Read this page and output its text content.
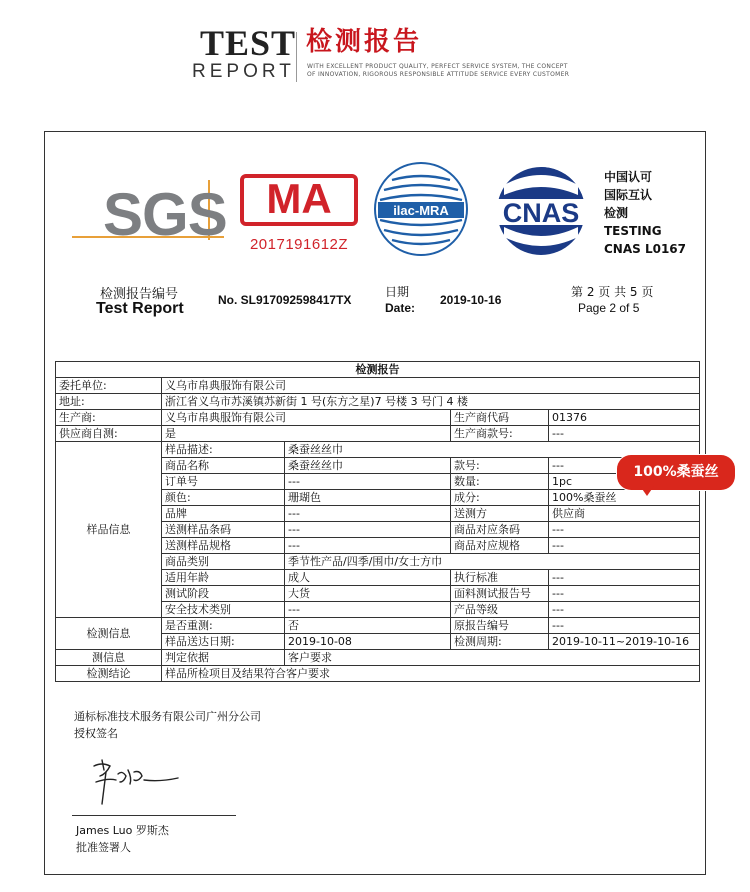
TEST
REPORT
检测报告
WITH EXCELLENT PRODUCT QUALITY, PERFECT SERVICE SYSTEM, THE CONCEPT
OF INNOVATION, RIGOROUS RESPONSIBLE ATTITUDE SERVICE EVERY CUSTOMER
SGS MA
2017191612Z
ilac-MRA CNAS
中国认可
国际互认
检测
TESTING
CNAS L0167
检测报告编号
Test Report	No. SL917092598417TX
日期
Date:
2019-10-16
第 2 页 共 5 页
Page 2 of 5
检测报告				
委托单位:	义乌市帛典服饰有限公司			
地址:	浙江省义乌市苏溪镇苏新街 1 号(东方之星)7 号楼 3 号门 4 楼			
生产商:	义乌市帛典服饰有限公司		生产商代码	01376
供应商自测:	是		生产商款号:	---
样品信息	样品描述:	桑蚕丝丝巾		
	商品名称	桑蚕丝丝巾	款号:	---
	订单号	---	数量:	1pc
	颜色:	珊瑚色	成分:	100%桑蚕丝
	品牌	---	送测方	供应商
	送测样品条码	---	商品对应条码	---
	送测样品规格	---	商品对应规格	---
	商品类别	季节性产品/四季/围巾/女士方巾		
	适用年龄	成人	执行标准	---
	测试阶段	大货	面料测试报告号	---
	安全技术类别	---	产品等级	---
检测信息	是否重测:	否	原报告编号	---
	样品送达日期:	2019-10-08	检测周期:	2019-10-11~2019-10-16
测信息	判定依据	客户要求		
检测结论	样品所检项目及结果符合客户要求			
100%桑蚕丝
通标标准技术服务有限公司广州分公司
授权签名
James Luo 罗斯杰
批准签署人
